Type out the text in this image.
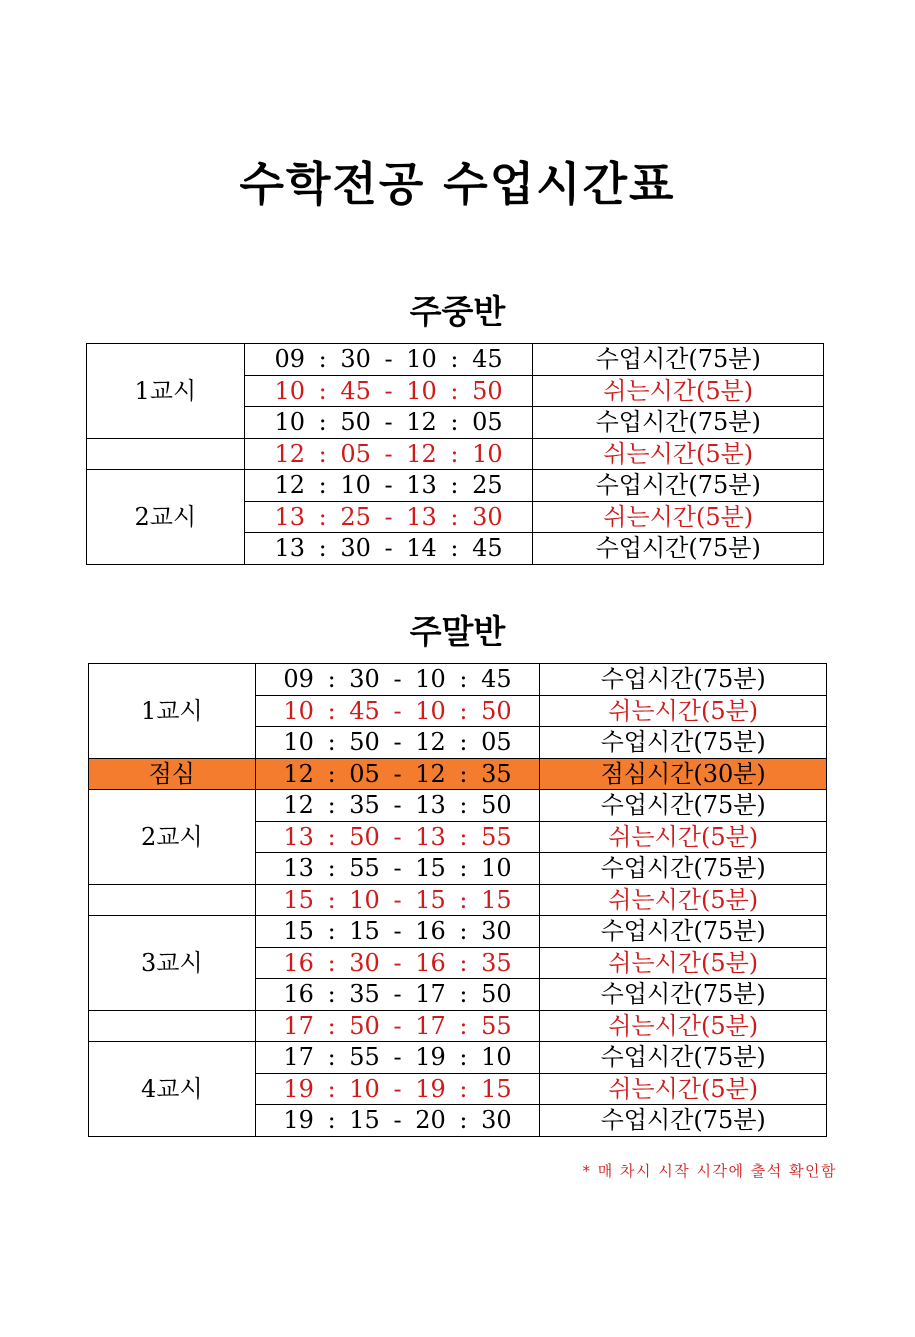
수학전공 수업시간표
주중반
1교시	09 : 30 - 10 : 45	수업시간(75분)
	10 : 45 - 10 : 50	쉬는시간(5분)
	10 : 50 - 12 : 05	수업시간(75분)
	12 : 05 - 12 : 10	쉬는시간(5분)
2교시	12 : 10 - 13 : 25	수업시간(75분)
	13 : 25 - 13 : 30	쉬는시간(5분)
	13 : 30 - 14 : 45	수업시간(75분)
주말반
1교시	09 : 30 - 10 : 45	수업시간(75분)
	10 : 45 - 10 : 50	쉬는시간(5분)
	10 : 50 - 12 : 05	수업시간(75분)
점심	12 : 05 - 12 : 35	점심시간(30분)
2교시	12 : 35 - 13 : 50	수업시간(75분)
	13 : 50 - 13 : 55	쉬는시간(5분)
	13 : 55 - 15 : 10	수업시간(75분)
	15 : 10 - 15 : 15	쉬는시간(5분)
3교시	15 : 15 - 16 : 30	수업시간(75분)
	16 : 30 - 16 : 35	쉬는시간(5분)
	16 : 35 - 17 : 50	수업시간(75분)
	17 : 50 - 17 : 55	쉬는시간(5분)
4교시	17 : 55 - 19 : 10	수업시간(75분)
	19 : 10 - 19 : 15	쉬는시간(5분)
	19 : 15 - 20 : 30	수업시간(75분)
* 매 차시 시작 시각에 출석 확인함
